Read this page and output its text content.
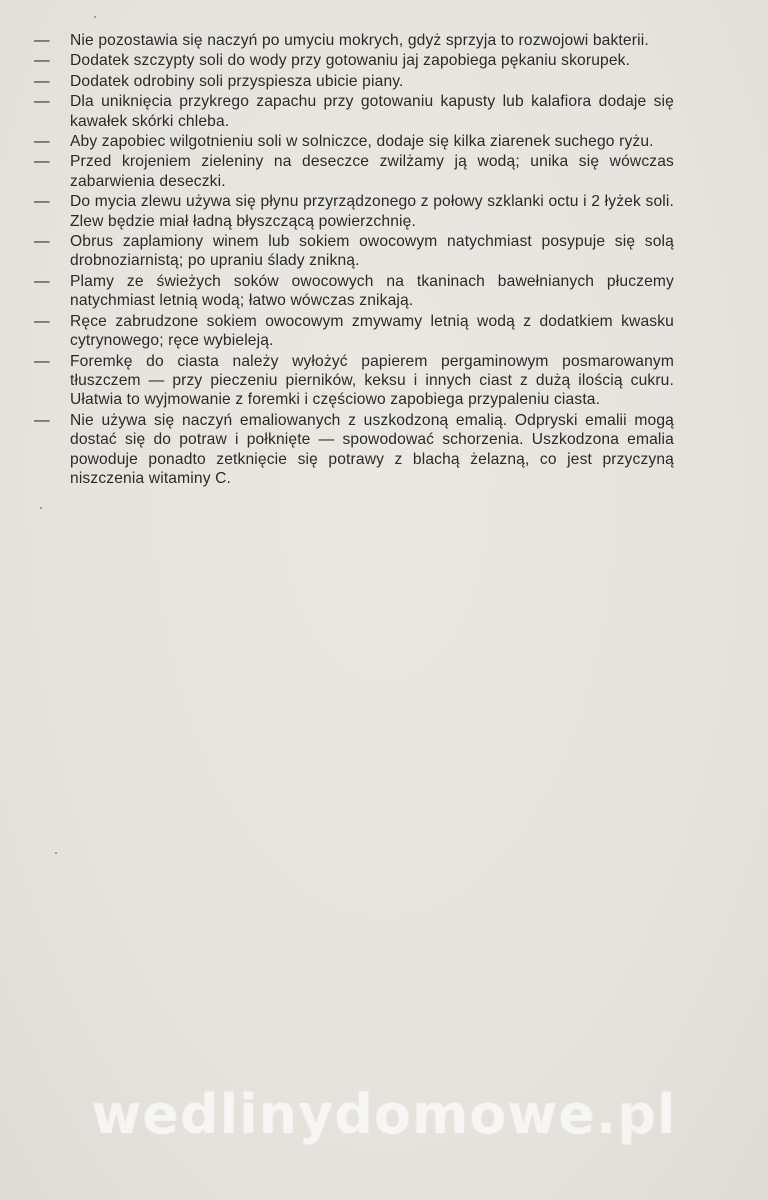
—	Nie pozostawia się naczyń po umyciu mokrych, gdyż sprzyja to rozwojowi bakterii.
—	Dodatek szczypty soli do wody przy gotowaniu jaj zapobiega pękaniu skorupek.
—	Dodatek odrobiny soli przyspiesza ubicie piany.
—	Dla uniknięcia przykrego zapachu przy gotowaniu kapusty lub kalafiora dodaje się kawałek skórki chleba.
—	Aby zapobiec wilgotnieniu soli w solniczce, dodaje się kilka ziarenek suchego ryżu.
—	Przed krojeniem zieleniny na deseczce zwilżamy ją wodą; unika się wówczas zabarwienia deseczki.
—	Do mycia zlewu używa się płynu przyrządzonego z połowy szklanki octu i 2 łyżek soli. Zlew będzie miał ładną błyszczącą powierzchnię.
—	Obrus zaplamiony winem lub sokiem owocowym natychmiast posypuje się solą drobnoziarnistą; po upraniu ślady znikną.
—	Plamy ze świeżych soków owocowych na tkaninach bawełnianych płuczemy natychmiast letnią wodą; łatwo wówczas znikają.
—	Ręce zabrudzone sokiem owocowym zmywamy letnią wodą z dodatkiem kwasku cytrynowego; ręce wybieleją.
—	Foremkę do ciasta należy wyłożyć papierem pergaminowym posmarowanym tłuszczem — przy pieczeniu pierników, keksu i innych ciast z dużą ilością cukru. Ułatwia to wyjmowanie z foremki i częściowo zapobiega przypaleniu ciasta.
—	Nie używa się naczyń emaliowanych z uszkodzoną emalią. Odpryski emalii mogą dostać się do potraw i połknięte — spowodować schorzenia. Uszkodzona emalia powoduje ponadto zetknięcie się potrawy z blachą żelazną, co jest przyczyną niszczenia witaminy C.
wedlinydomowe.pl
